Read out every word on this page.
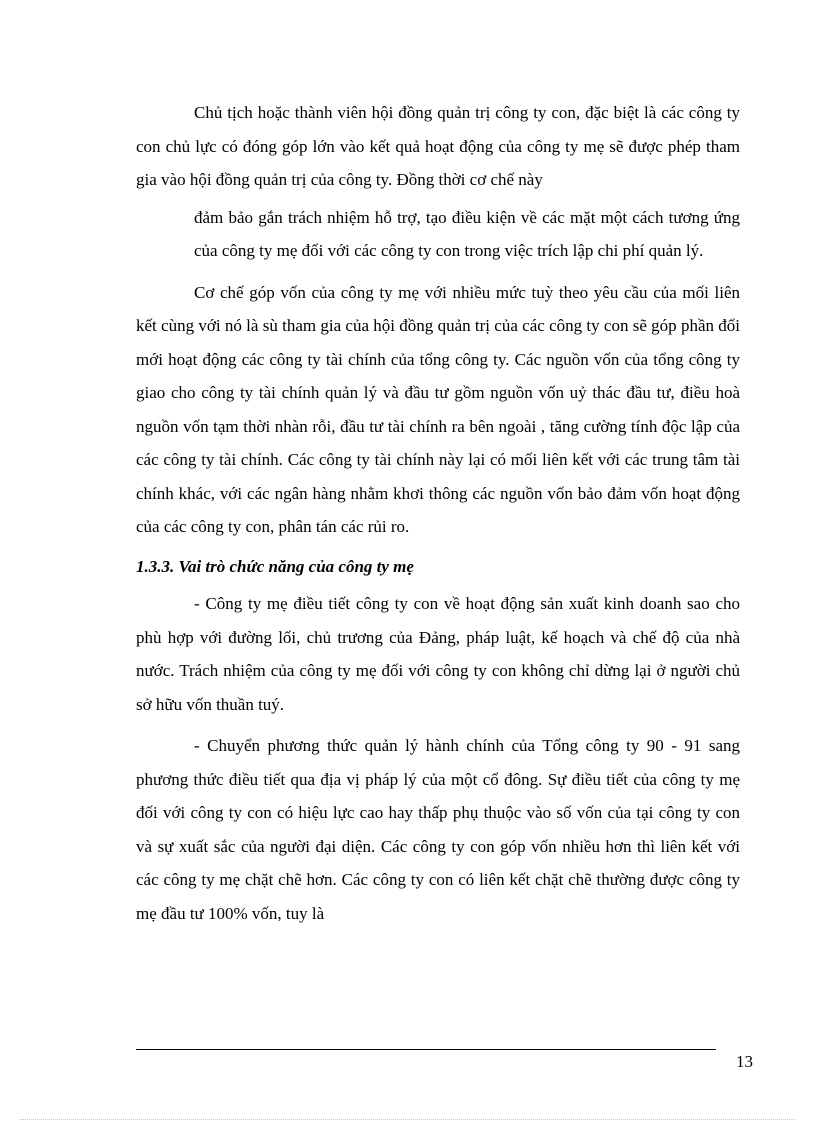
Chủ tịch hoặc thành viên hội đồng quản trị công ty con, đặc biệt là các công ty con chủ lực có đóng góp lớn vào kết quả hoạt động của công ty mẹ sẽ được phép tham gia vào hội đồng quản trị của công ty. Đồng thời cơ chế này

đảm bảo gắn trách nhiệm hỗ trợ, tạo điều kiện về các mặt một cách tương ứng của công ty mẹ đối với các công ty con trong việc trích lập chi phí quản lý.

Cơ chế góp vốn của công ty mẹ với nhiều mức tuỳ theo yêu cầu của mối liên kết cùng với nó là sù tham gia của hội đồng quản trị của các công ty con sẽ góp phần đổi mới hoạt động các công ty tài chính của tổng công ty. Các nguồn vốn của tổng công ty giao cho công ty tài chính quản lý và đầu tư gồm nguồn vốn uỷ thác đầu tư, điều hoà nguồn vốn tạm thời nhàn rỗi, đầu tư tài chính ra bên ngoài , tăng cường tính độc lập của các công ty tài chính. Các công ty tài chính này lại có mối liên kết với các trung tâm tài chính khác, với các ngân hàng nhằm khơi thông các nguồn vốn bảo đảm vốn hoạt động của các công ty con, phân tán các rủi ro.

1.3.3. Vai trò chức năng của công ty mẹ

- Công ty mẹ điều tiết công ty con về hoạt động sản xuất kinh doanh sao cho phù hợp với đường lối, chủ trương của Đảng, pháp luật, kế hoạch và chế độ của nhà nước. Trách nhiệm của công ty mẹ đối với công ty con không chỉ dừng lại ở người chủ sở hữu vốn thuần tuý.

- Chuyển phương thức quản lý hành chính của Tổng công ty 90 - 91 sang phương thức điều tiết qua địa vị pháp lý của một cổ đông. Sự điều tiết của công ty mẹ đối với công ty con có hiệu lực cao hay thấp phụ thuộc vào số vốn của tại công ty con và sự xuất sắc của người đại diện. Các công ty con góp vốn nhiều hơn thì liên kết với các công ty mẹ chặt chẽ hơn. Các công ty con có liên kết chặt chẽ thường được công ty mẹ đầu tư 100% vốn, tuy là

13
